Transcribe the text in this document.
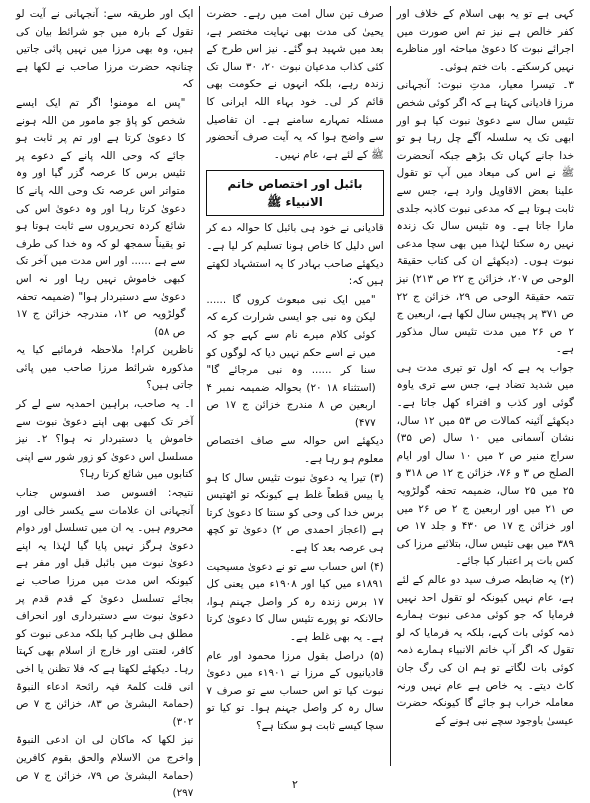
کہی ہے تو یہ بھی اسلام کے خلاف اور کفر خالص ہے نیز تم اس صورت میں اجرائے نبوت کا دعویٰ مباحثہ اور مناظرے نہیں کرسکتے۔ بات ختم ہوئی۔

۳۔ تیسرا معیار، مدتِ نبوت: آنجہانی مرزا قادیانی کہتا ہے کہ اگر کوئی شخص تئیس سال سے دعویٰ نبوت کیا ہو اور ابھی تک یہ سلسلہ آگے چل رہا ہو تو خدا جانے کہاں تک بڑھے جبکہ آنحضرت ﷺ نے اس کی میعاد میں آپ تو تقول علینا بعض الاقاویل وارد ہے، جس سے ثابت ہوتا ہے کہ مدعی نبوت کاذبہ جلدی مارا جاتا ہے۔ وہ تئیس سال تک زندہ نہیں رہ سکتا لہٰذا میں بھی سچا مدعی نبوت ہوں۔ (دیکھئے ان کی کتاب حقیقۃ الوحی ص ۲۰۷، خزائن ج ۲۲ ص ۲۱۳) نیز تتمہ حقیقۃ الوحی ص ۲۹، خزائن ج ۲۲ ص ۳۷۱ پر پچیس سال لکھا ہے، اربعین ج ۲ ص ۲۶ میں مدت تئیس سال مذکور ہے۔

جواب یہ ہے کہ اول تو تیری مدت ہی میں شدید تضاد ہے، جس سے تری یاوہ گوئی اور کذب و افتراء کھل جاتا ہے۔ دیکھئے آئینہ کمالات ص ۵۳ میں ۱۲ سال، نشان آسمانی میں ۱۰ سال (ص ۳۵) سراج منیر ص ۲ میں ۱۰ سال اور ایام الصلح ص ۳ و ۷۶، خزائن ج ۱۲ ص ۳۱۸ و ۲۵ میں ۲۵ سال، ضمیمہ تحفہ گولڑویہ ص ۲۱ میں اور اربعین ج ۲ ص ۲۶ میں اور خزائن ج ۱۷ ص ۴۳۰ و جلد ۱۷ ص ۳۸۹ میں بھی تئیس سال، بتلائیے مرزا کی کس بات پر اعتبار کیا جائے۔

(۲) یہ ضابطہ صرف سید دو عالم کے لئے ہے، عام نہیں کیونکہ لو تقول احد نہیں فرمایا کہ جو کوئی مدعی نبوت ہمارے ذمہ کوئی بات کہے، بلکہ یہ فرمایا کہ لو تقول کہ اگر آپ خاتم الانبیاء ہمارے ذمہ کوئی بات لگاتے تو ہم ان کی رگ جان کاٹ دیتے۔ یہ خاص ہے عام نہیں ورنہ معاملہ خراب ہو جائے گا کیونکہ حضرت عیسیٰ باوجود سچے نبی ہونے کے

صرف تین سال امت میں رہے۔ حضرت یحییٰ کی مدت بھی نہایت مختصر ہے، بعد میں شہید ہو گئے۔ نیز اس طرح کے کئی کذاب مدعیان نبوت ۲۰، ۳۰ سال تک زندہ رہے، بلکہ انہوں نے حکومت بھی قائم کر لی۔ خود بہاء اللہ ایرانی کا مسئلہ تمہارے سامنے ہے۔ ان تفاصیل سے واضح ہوا کہ یہ آیت صرف آنحضور ﷺ کے لئے ہے، عام نہیں۔

بائبل اور اختصاص خاتم الانبیاء ﷺ

قادیانی نے خود ہی بائبل کا حوالہ دے کر اس دلیل کا خاص ہونا تسلیم کر لیا ہے۔ دیکھئے صاحب بہادر کا یہ استشہاد لکھتے ہیں کہ:

"میں ایک نبی مبعوث کروں گا ...... لیکن وہ نبی جو ایسی شرارت کرے کہ کوئی کلام میرے نام سے کہے جو کہ میں نے اسے حکم نہیں دیا کہ لوگوں کو سنا کر ...... وہ نبی مرجائے گا" (استثناء ۱۸ ۲۰) بحوالہ ضمیمہ نمبر ۴ اربعین ص ۸ مندرج خزائن ج ۱۷ ص ۴۷۷)

دیکھئے اس حوالہ سے صاف اختصاص معلوم ہو رہا ہے۔

(۳) تیرا یہ دعویٰ نبوت تئیس سال کا ہو یا بیس قطعاً غلط ہے کیونکہ تو اٹھتیس برس خدا کی وحی کو سنتا کا دعویٰ کرتا ہے (اعجاز احمدی ص ۲) دعویٰ تو کچھ ہی عرصہ بعد کا ہے۔

(۴) اس حساب سے تو نے دعویٰ مسیحیت ۱۸۹۱ء میں کیا اور ۱۹۰۸ء میں یعنی کل ۱۷ برس زندہ رہ کر واصل جہنم ہوا، حالانکہ تو پورے تئیس سال کا دعویٰ کرتا ہے۔ یہ بھی غلط ہے۔

(۵) دراصل بقول مرزا محمود اور عام قادیانیوں کے مرزا نے ۱۹۰۱ء میں دعویٰ نبوت کیا تو اس حساب سے تو صرف ۷ سال رہ کر واصل جہنم ہوا۔ تو کیا تو سچا کیسے ثابت ہو سکتا ہے؟

ایک اور طریقہ سے: آنجہانی نے آیت لو تقول کے بارہ میں جو شرائط بیان کی ہیں، وہ بھی مرزا میں نہیں پائی جاتیں چنانچہ حضرت مرزا صاحب نے لکھا ہے کہ

"پس اے مومنو! اگر تم ایک ایسے شخص کو پاؤ جو مامور من اللہ ہونے کا دعویٰ کرتا ہے اور تم پر ثابت ہو جائے کہ وحی اللہ پانے کے دعوے پر تئیس برس کا عرصہ گزر گیا اور وہ متواتر اس عرصہ تک وحی اللہ پانے کا دعویٰ کرتا رہا اور وہ دعویٰ اس کی شائع کردہ تحریروں سے ثابت ہوتا ہو تو یقیناً سمجھ لو کہ وہ خدا کی طرف سے ہے ...... اور اس مدت میں آخر تک کبھی خاموش نہیں رہا اور نہ اس دعویٰ سے دستبردار ہوا" (ضمیمہ تحفہ گولڑویہ ص ۱۲، مندرجہ خزائن ج ۱۷ ص ۵۸)

ناظرین کرام! ملاحظہ فرمائیے کیا یہ مذکورہ شرائط مرزا صاحب میں پائی جاتی ہیں؟

ا۔ یہ صاحب، براہین احمدیہ سے لے کر آخر تک کبھی بھی اپنے دعویٰ نبوت سے خاموش یا دستبردار نہ ہوا؟ ۲۔ نیز مسلسل اس دعویٰ کو زور شور سے اپنی کتابوں میں شائع کرتا رہا؟

نتیجہ: افسوس صد افسوس جناب آنجہانی ان علامات سے یکسر خالی اور محروم ہیں۔ یہ ان میں تسلسل اور دوام دعویٰ ہرگز نہیں پایا گیا لہٰذا یہ اپنے دعویٰ نبوت میں بائبل قبل اور مفر ہے کیونکہ اس مدت میں مرزا صاحب نے بجائے تسلسل دعویٰ کے قدم قدم پر دعویٰ نبوت سے دستبرداری اور انحراف مطلق ہی ظاہر کیا بلکہ مدعی نبوت کو کافر، لعنتی اور خارج از اسلام بھی کہتا رہا۔ دیکھئے لکھتا ہے کہ فلا تظنن یا اخی انی قلت کلمۃ فیہ رائحۃ ادعاء النبوۃ (حمامۃ البشریٰ ص ۸۳، خزائن ج ۷ ص ۳۰۲)

نیز لکھا کہ ماکان لی ان ادعی النبوۃ واخرج من الاسلام والحق بقوم کافرین (حمامۃ البشریٰ ص ۷۹، خزائن ج ۷ ص ۲۹۷)

۲
